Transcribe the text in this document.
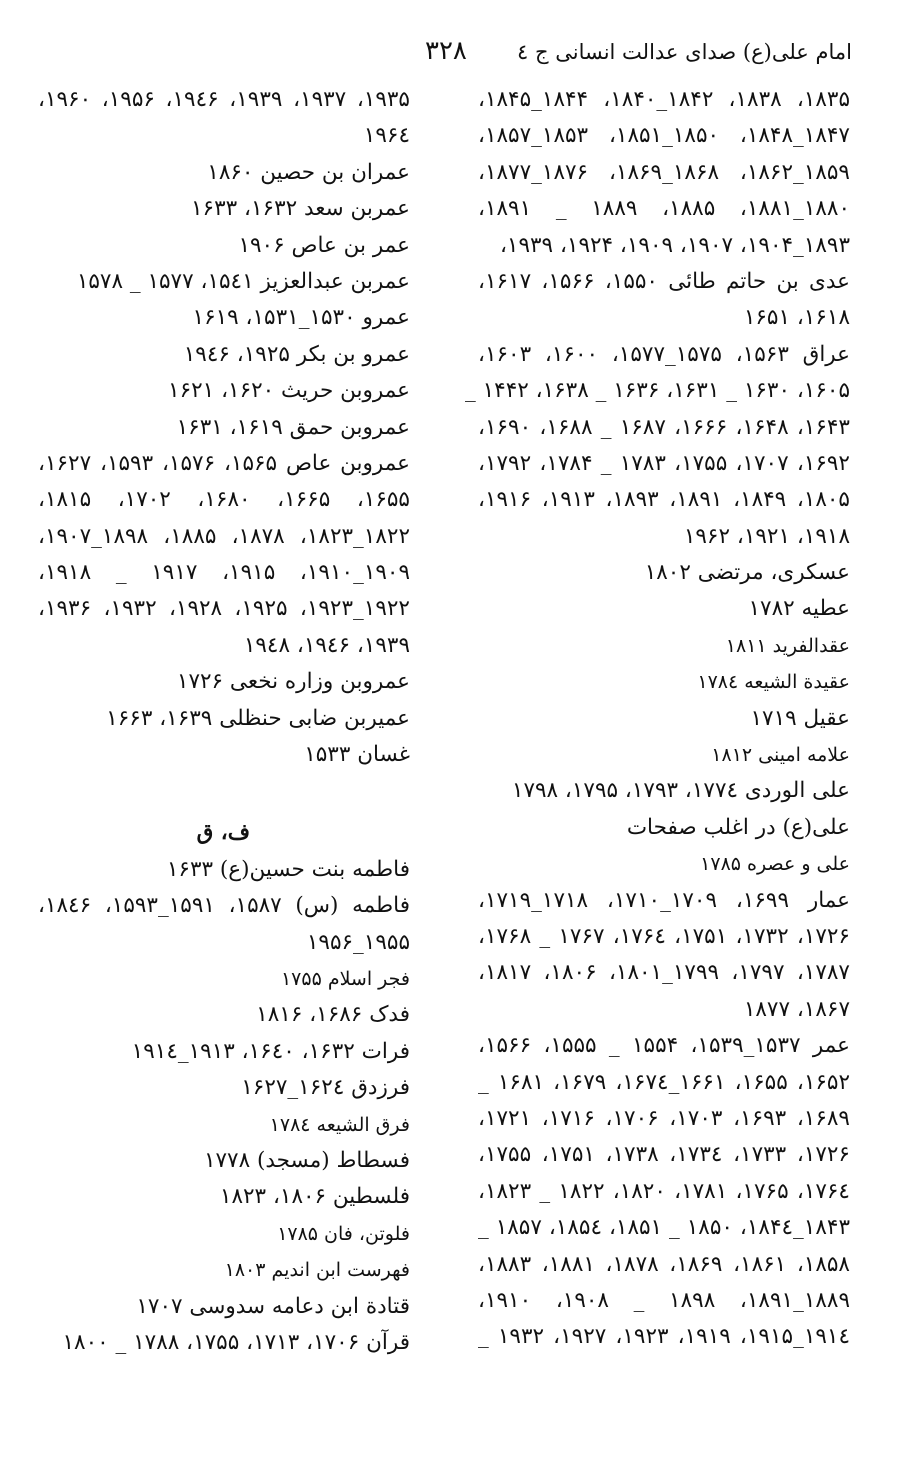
امام علی(ع) صدای عدالت انسانی ج ٤
٣٢٨
۱۸۳۵، ۱۸۳۸، ۱۸۴۲_۱۸۴۰، ۱۸۴۴_۱۸۴۵،
۱۸۴۷_۱۸۴۸، ۱۸۵۰_۱۸۵۱، ۱۸۵۳_۱۸۵۷،
۱۸۵۹_۱۸۶۲، ۱۸۶۸_۱۸۶۹، ۱۸۷۶_۱۸۷۷،
۱۸۸۰_۱۸۸۱، ۱۸۸۵، ۱۸۸۹ _ ۱۸۹۱،
۱۸۹۳_۱۹۰۴، ۱۹۰۷، ۱۹۰۹، ۱۹۲۴، ۱۹۳۹،
عدی بن حاتم طائی ۱۵۵۰، ۱۵۶۶، ۱۶۱۷،
۱۶۱۸، ۱۶۵۱
عراق ۱۵۶۳، ۱۵۷۵_۱۵۷۷، ۱۶۰۰، ۱۶۰۳،
۱۶۰۵، ۱۶۳۰ _ ۱۶۳۱، ۱۶۳۶ _ ۱۶۳۸، ۱۴۴۲ _
۱۶۴۳، ۱۶۴۸، ۱۶۶۶، ۱۶۸۷ _ ۱۶۸۸، ۱۶۹۰،
۱۶۹۲، ۱۷۰۷، ۱۷۵۵، ۱۷۸۳ _ ۱۷۸۴، ۱۷۹۲،
۱۸۰۵، ۱۸۴۹، ۱۸۹۱، ۱۸۹۳، ۱۹۱۳، ۱۹۱۶،
۱۹۱۸، ۱۹۲۱، ۱۹۶۲
عسکری، مرتضی ۱۸۰۲
عطیه ۱۷۸۲
عقدالفرید ۱۸۱۱
عقیدة الشیعه ۱۷۸٤
عقیل ۱۷۱۹
علامه امینی ۱۸۱۲
علی الوردی ۱۷۷٤، ۱۷۹۳، ۱۷۹۵، ۱۷۹۸
علی(ع) در اغلب صفحات
علی و عصره ۱۷۸۵
عمار ۱۶۹۹، ۱۷۰۹_۱۷۱۰، ۱۷۱۸_۱۷۱۹،
۱۷۲۶، ۱۷۳۲، ۱۷۵۱، ۱۷۶٤، ۱۷۶۷ _ ۱۷۶۸،
۱۷۸۷، ۱۷۹۷، ۱۷۹۹_۱۸۰۱، ۱۸۰۶، ۱۸۱۷،
۱۸۶۷، ۱۸۷۷
عمر ۱۵۳۷_۱۵۳۹، ۱۵۵۴ _ ۱۵۵۵، ۱۵۶۶،
۱۶۵۲، ۱۶۵۵، ۱۶۶۱_۱۶۷٤، ۱۶۷۹، ۱۶۸۱ _
۱۶۸۹، ۱۶۹۳، ۱۷۰۳، ۱۷۰۶، ۱۷۱۶، ۱۷۲۱،
۱۷۲۶، ۱۷۳۳، ۱۷۳٤، ۱۷۳۸، ۱۷۵۱، ۱۷۵۵،
۱۷۶٤، ۱۷۶۵، ۱۷۸۱، ۱۸۲۰، ۱۸۲۲ _ ۱۸۲۳،
۱۸۴۳_۱۸۴٤، ۱۸۵۰ _ ۱۸۵۱، ۱۸۵٤، ۱۸۵۷ _
۱۸۵۸، ۱۸۶۱، ۱۸۶۹، ۱۸۷۸، ۱۸۸۱، ۱۸۸۳،
۱۸۸۹_۱۸۹۱، ۱۸۹۸ _ ۱۹۰۸، ۱۹۱۰،
۱۹۱٤_۱۹۱۵، ۱۹۱۹، ۱۹۲۳، ۱۹۲۷، ۱۹۳۲ _
۱۹۳۵، ۱۹۳۷، ۱۹۳۹، ۱۹٤۶، ۱۹۵۶، ۱۹۶۰،
۱۹۶٤
عمران بن حصین ۱۸۶۰
عمربن سعد ۱۶۳۲، ۱۶۳۳
عمر بن عاص ۱۹۰۶
عمربن عبدالعزیز ۱۵٤۱، ۱۵۷۷ _ ۱۵۷۸
عمرو ۱۵۳۰_۱۵۳۱، ۱۶۱۹
عمرو بن بکر ۱۹۲۵، ۱۹٤۶
عمروبن حریث ۱۶۲۰، ۱۶۲۱
عمروبن حمق ۱۶۱۹، ۱۶۳۱
عمروبن عاص ۱۵۶۵، ۱۵۷۶، ۱۵۹۳، ۱۶۲۷،
۱۶۵۵، ۱۶۶۵، ۱۶۸۰، ۱۷۰۲، ۱۸۱۵،
۱۸۲۲_۱۸۲۳، ۱۸۷۸، ۱۸۸۵، ۱۸۹۸_۱۹۰۷،
۱۹۰۹_۱۹۱۰، ۱۹۱۵، ۱۹۱۷ _ ۱۹۱۸،
۱۹۲۲_۱۹۲۳، ۱۹۲۵، ۱۹۲۸، ۱۹۳۲، ۱۹۳۶،
۱۹۳۹، ۱۹٤۶، ۱۹٤۸
عمروبن وزاره نخعی ۱۷۲۶
عمیربن ضابی حنظلی ۱۶۳۹، ۱۶۶۳
غسان ۱۵۳۳
ف، ق
فاطمه بنت حسین(ع) ۱۶۳۳
فاطمه (س) ۱۵۸۷، ۱۵۹۱_۱۵۹۳، ۱۸٤۶،
۱۹۵۵_۱۹۵۶
فجر اسلام ۱۷۵۵
فدک ۱۶۸۶، ۱۸۱۶
فرات ۱۶۳۲، ۱۶٤۰، ۱۹۱۳_۱۹۱٤
فرزدق ۱۶۲٤_۱۶۲۷
فرق الشیعه ۱۷۸٤
فسطاط (مسجد) ۱۷۷۸
فلسطین ۱۸۰۶، ۱۸۲۳
فلوتن، فان ۱۷۸۵
فهرست ابن اندیم ۱۸۰۳
قتادة ابن دعامه سدوسی ۱۷۰۷
قرآن ۱۷۰۶، ۱۷۱۳، ۱۷۵۵، ۱۷۸۸ _ ۱۸۰۰
